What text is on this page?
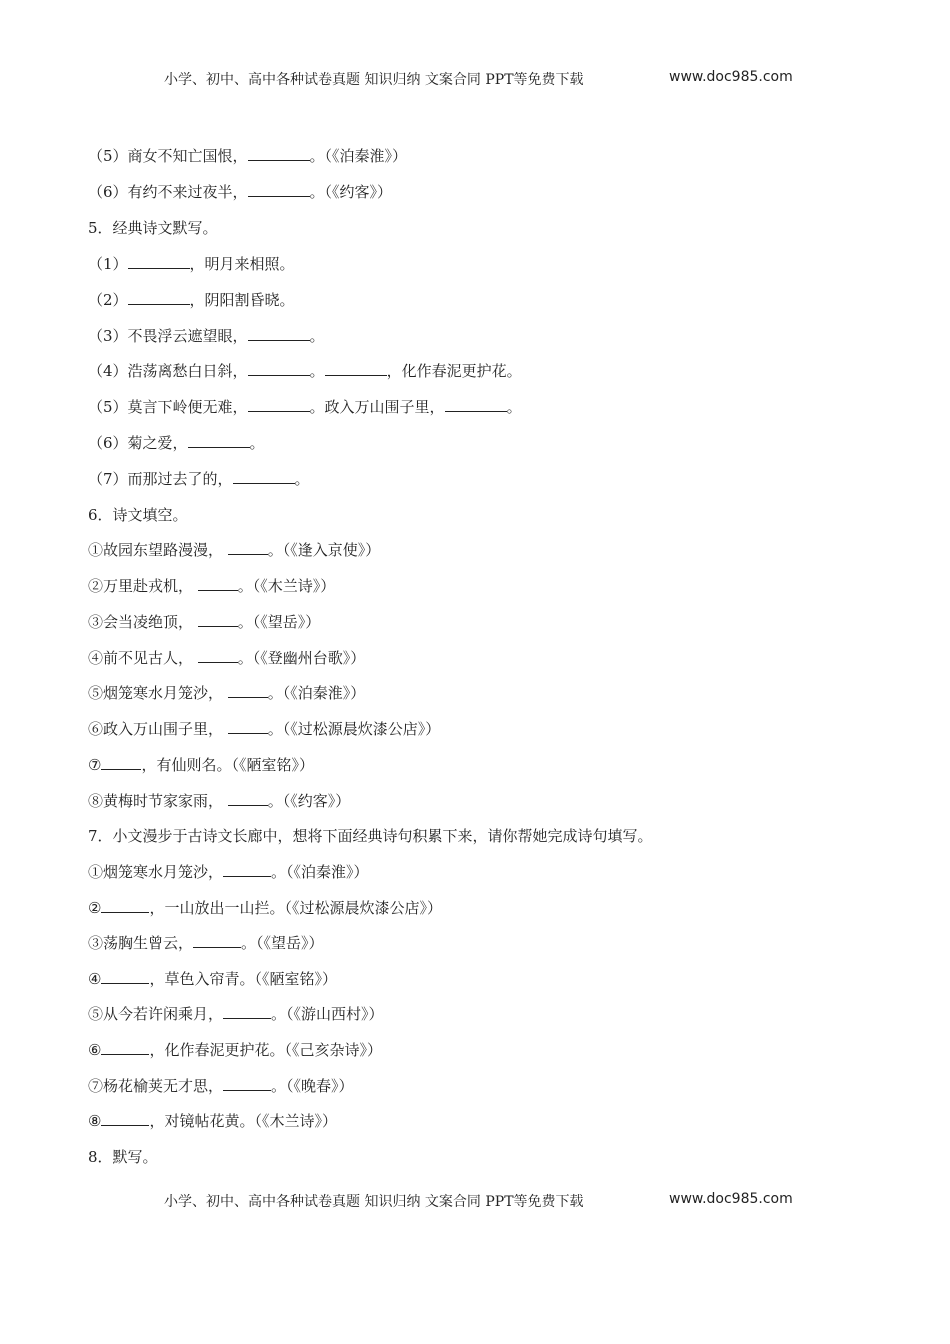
小学、初中、高中各种试卷真题 知识归纳 文案合同 PPT等免费下载	www.doc985.com
（5）商女不知亡国恨，	。（《泊秦淮》）
（6）有约不来过夜半，	。（《约客》）
5．经典诗文默写。
（1）	，明月来相照。
（2）	，阴阳割昏晓。
（3）不畏浮云遮望眼，	。
（4）浩荡离愁白日斜，	。	，化作春泥更护花。
（5）莫言下岭便无难，	。政入万山围子里，	。
（6）菊之爱，	。
（7）而那过去了的，	。
6．诗文填空。
①故园东望路漫漫，	。（《逢入京使》）
②万里赴戎机，	。（《木兰诗》）
③会当凌绝顶，	。（《望岳》）
④前不见古人，	。（《登幽州台歌》）
⑤烟笼寒水月笼沙，	。（《泊秦淮》）
⑥政入万山围子里，	。（《过松源晨炊漆公店》）
⑦	，有仙则名。（《陋室铭》）
⑧黄梅时节家家雨，	。（《约客》）
7．小文漫步于古诗文长廊中，想将下面经典诗句积累下来，请你帮她完成诗句填写。
①烟笼寒水月笼沙，	。（《泊秦淮》）
②	，一山放出一山拦。（《过松源晨炊漆公店》）
③荡胸生曾云，	。（《望岳》）
④	，草色入帘青。（《陋室铭》）
⑤从今若许闲乘月，	。（《游山西村》）
⑥	，化作春泥更护花。（《己亥杂诗》）
⑦杨花榆荚无才思，	。（《晚春》）
⑧	，对镜帖花黄。（《木兰诗》）
8．默写。
小学、初中、高中各种试卷真题 知识归纳 文案合同 PPT等免费下载	www.doc985.com
